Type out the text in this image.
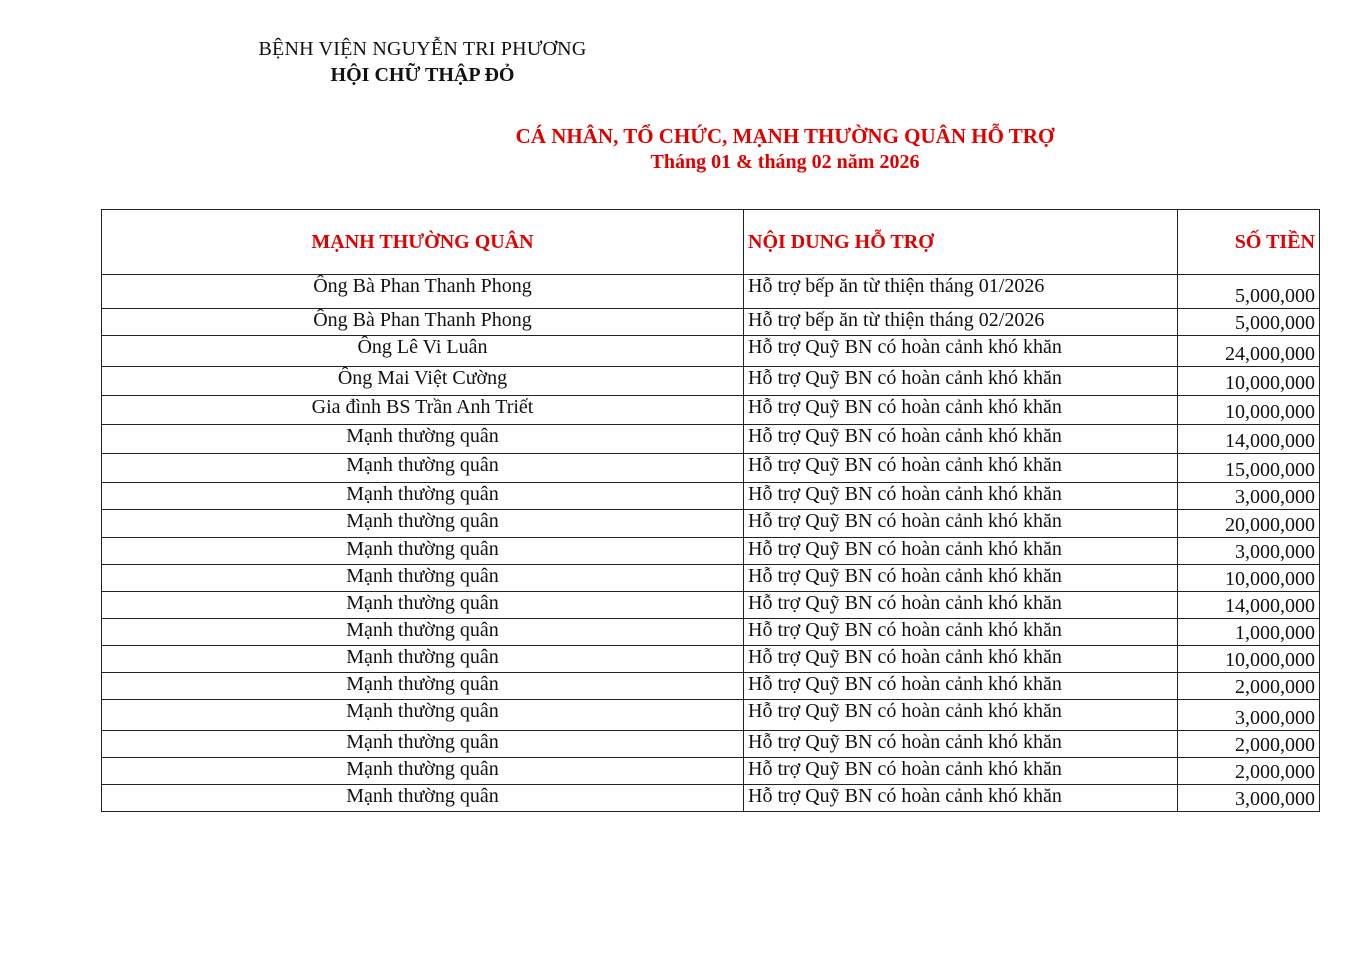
BỆNH VIỆN NGUYỄN TRI PHƯƠNG
HỘI CHỮ THẬP ĐỎ
CÁ NHÂN, TỔ CHỨC, MẠNH THƯỜNG QUÂN HỖ TRỢ
Tháng 01 & tháng 02 năm 2026
MẠNH THƯỜNG QUÂN	NỘI DUNG HỖ TRỢ	SỐ TIỀN
Ông Bà Phan Thanh Phong	Hỗ trợ bếp ăn từ thiện tháng 01/2026	5,000,000
Ông Bà Phan Thanh Phong	Hỗ trợ bếp ăn từ thiện tháng 02/2026	5,000,000
Ông Lê Vi Luân	Hỗ trợ Quỹ BN có hoàn cảnh khó khăn	24,000,000
Ông Mai Việt Cường	Hỗ trợ Quỹ BN có hoàn cảnh khó khăn	10,000,000
Gia đình BS Trần Anh Triết	Hỗ trợ Quỹ BN có hoàn cảnh khó khăn	10,000,000
Mạnh thường quân	Hỗ trợ Quỹ BN có hoàn cảnh khó khăn	14,000,000
Mạnh thường quân	Hỗ trợ Quỹ BN có hoàn cảnh khó khăn	15,000,000
Mạnh thường quân	Hỗ trợ Quỹ BN có hoàn cảnh khó khăn	3,000,000
Mạnh thường quân	Hỗ trợ Quỹ BN có hoàn cảnh khó khăn	20,000,000
Mạnh thường quân	Hỗ trợ Quỹ BN có hoàn cảnh khó khăn	3,000,000
Mạnh thường quân	Hỗ trợ Quỹ BN có hoàn cảnh khó khăn	10,000,000
Mạnh thường quân	Hỗ trợ Quỹ BN có hoàn cảnh khó khăn	14,000,000
Mạnh thường quân	Hỗ trợ Quỹ BN có hoàn cảnh khó khăn	1,000,000
Mạnh thường quân	Hỗ trợ Quỹ BN có hoàn cảnh khó khăn	10,000,000
Mạnh thường quân	Hỗ trợ Quỹ BN có hoàn cảnh khó khăn	2,000,000
Mạnh thường quân	Hỗ trợ Quỹ BN có hoàn cảnh khó khăn	3,000,000
Mạnh thường quân	Hỗ trợ Quỹ BN có hoàn cảnh khó khăn	2,000,000
Mạnh thường quân	Hỗ trợ Quỹ BN có hoàn cảnh khó khăn	2,000,000
Mạnh thường quân	Hỗ trợ Quỹ BN có hoàn cảnh khó khăn	3,000,000
